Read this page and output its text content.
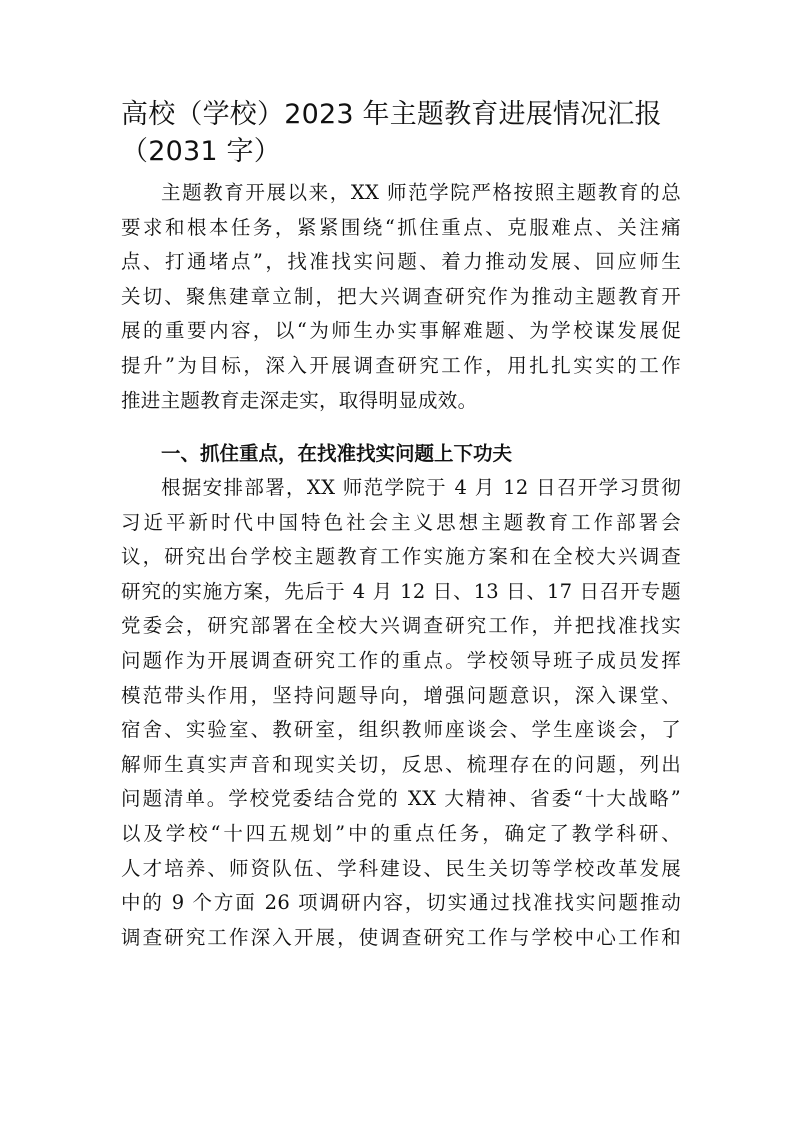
高校（学校）2023 年主题教育进展情况汇报
（2031 字）
主题教育开展以来，XX 师范学院严格按照主题教育的总
要求和根本任务，紧紧围绕“抓住重点、克服难点、关注痛
点、打通堵点”，找准找实问题、着力推动发展、回应师生
关切、聚焦建章立制，把大兴调查研究作为推动主题教育开
展的重要内容，以“为师生办实事解难题、为学校谋发展促
提升”为目标，深入开展调查研究工作，用扎扎实实的工作
推进主题教育走深走实，取得明显成效。
一、抓住重点，在找准找实问题上下功夫
根据安排部署，XX 师范学院于 4 月 12 日召开学习贯彻
习近平新时代中国特色社会主义思想主题教育工作部署会
议，研究出台学校主题教育工作实施方案和在全校大兴调查
研究的实施方案，先后于 4 月 12 日、13 日、17 日召开专题
党委会，研究部署在全校大兴调查研究工作，并把找准找实
问题作为开展调查研究工作的重点。学校领导班子成员发挥
模范带头作用，坚持问题导向，增强问题意识，深入课堂、
宿舍、实验室、教研室，组织教师座谈会、学生座谈会，了
解师生真实声音和现实关切，反思、梳理存在的问题，列出
问题清单。学校党委结合党的 XX 大精神、省委“十大战略”
以及学校“十四五规划”中的重点任务，确定了教学科研、
人才培养、师资队伍、学科建设、民生关切等学校改革发展
中的 9 个方面 26 项调研内容，切实通过找准找实问题推动
调查研究工作深入开展，使调查研究工作与学校中心工作和
